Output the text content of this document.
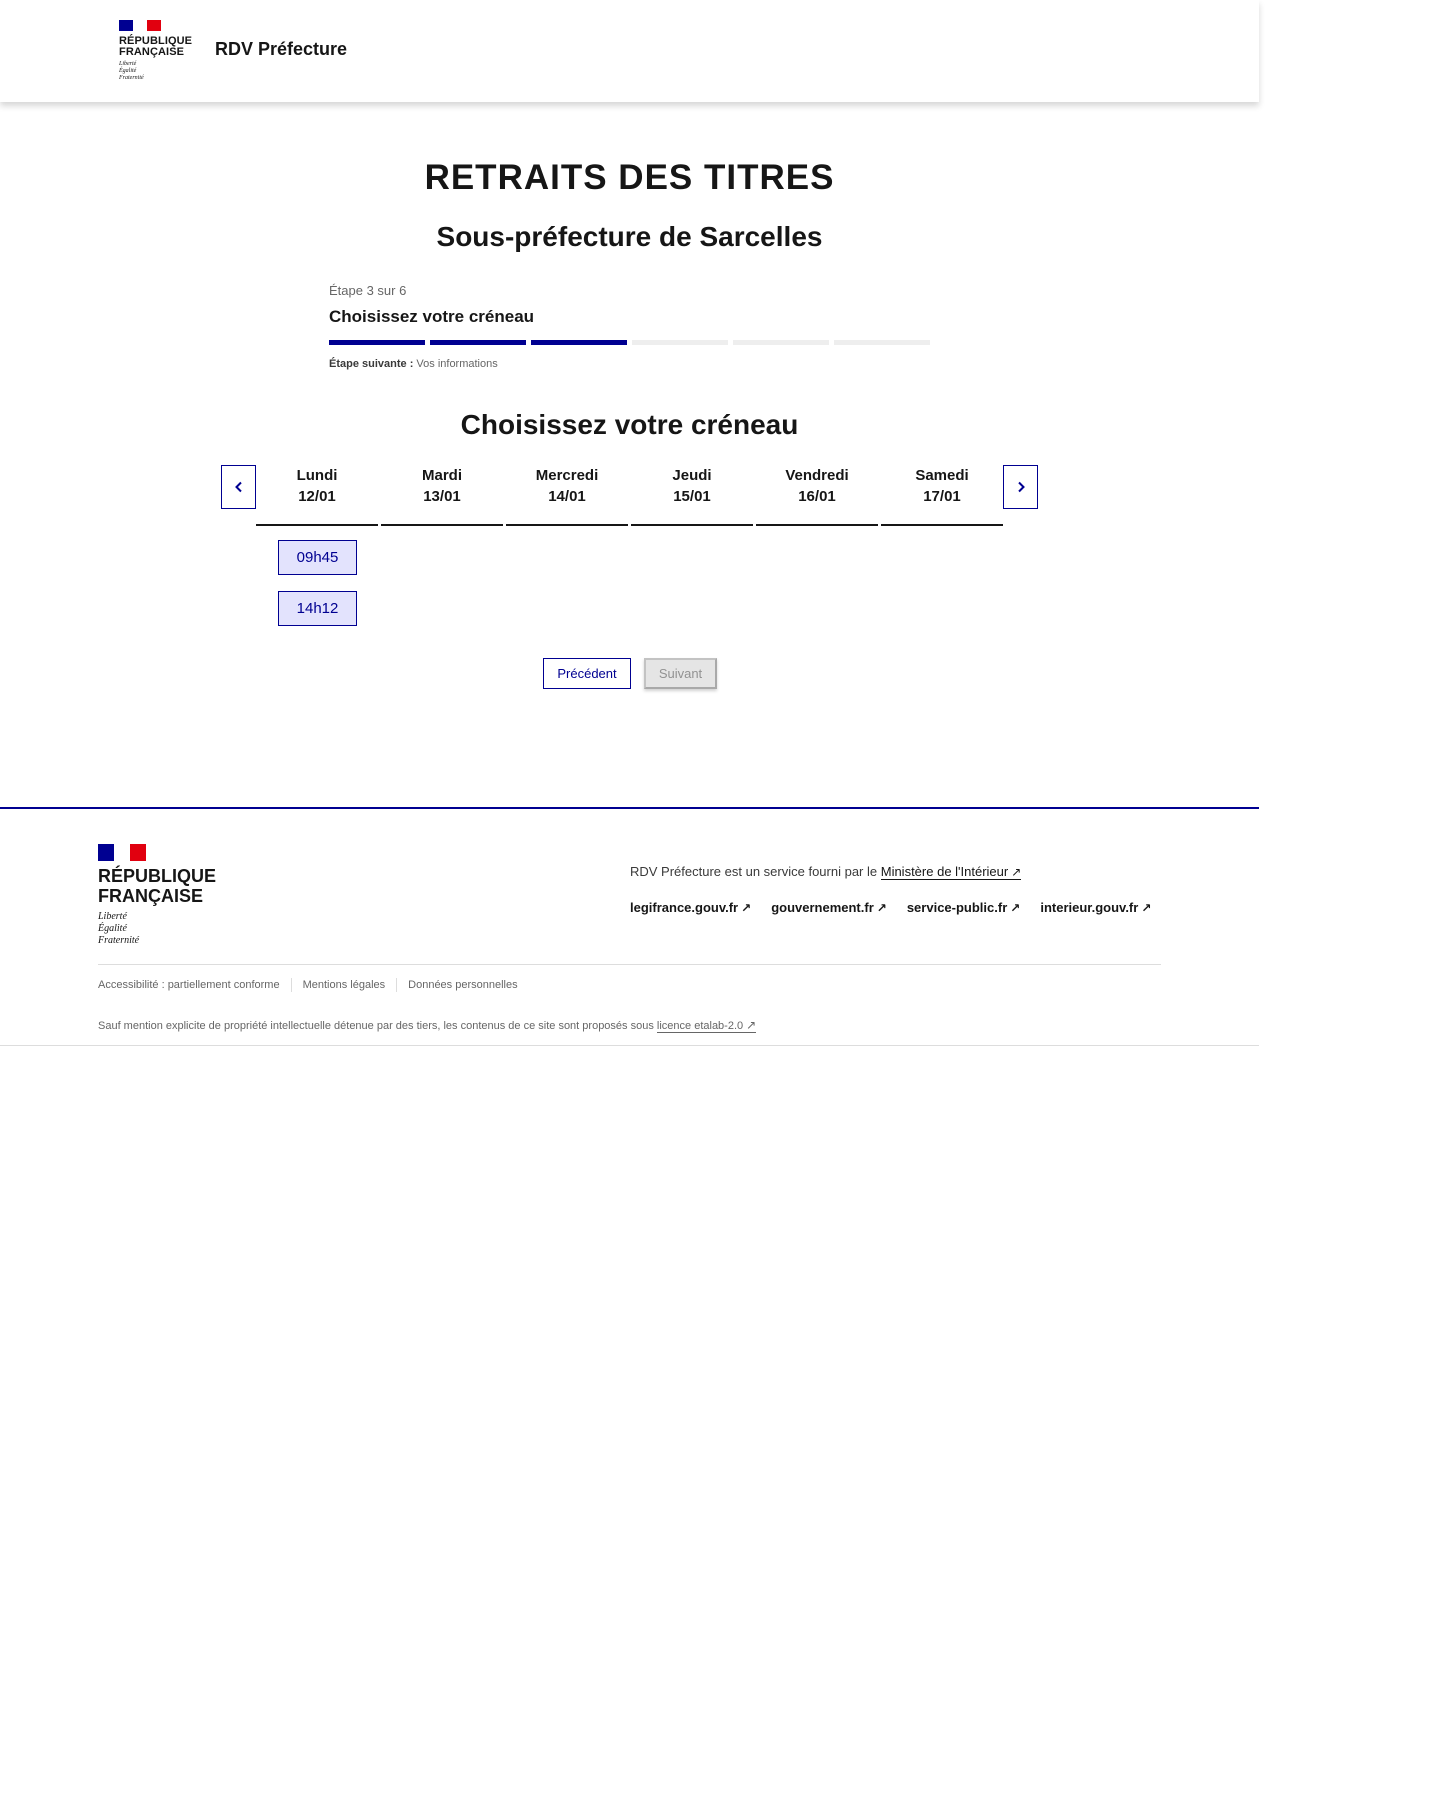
RÉPUBLIQUE
FRANÇAISE
Liberté
Égalité
Fraternité
RDV Préfecture
RETRAITS DES TITRES
Sous-préfecture de Sarcelles
Étape 3 sur 6
Choisissez votre créneau
Étape suivante : Vos informations
Choisissez votre créneau
Lundi
12/01
Mardi
13/01
Mercredi
14/01
Jeudi
15/01
Vendredi
16/01
Samedi
17/01
09h45
14h12
Précédent	Suivant
RÉPUBLIQUE
FRANÇAISE
Liberté
Égalité
Fraternité
RDV Préfecture est un service fourni par le Ministère de l'Intérieur ↗
legifrance.gouv.fr ↗ gouvernement.fr ↗ service-public.fr ↗ interieur.gouv.fr ↗
Accessibilité : partiellement conforme Mentions légales Données personnelles
Sauf mention explicite de propriété intellectuelle détenue par des tiers, les contenus de ce site sont proposés sous licence etalab-2.0 ↗
